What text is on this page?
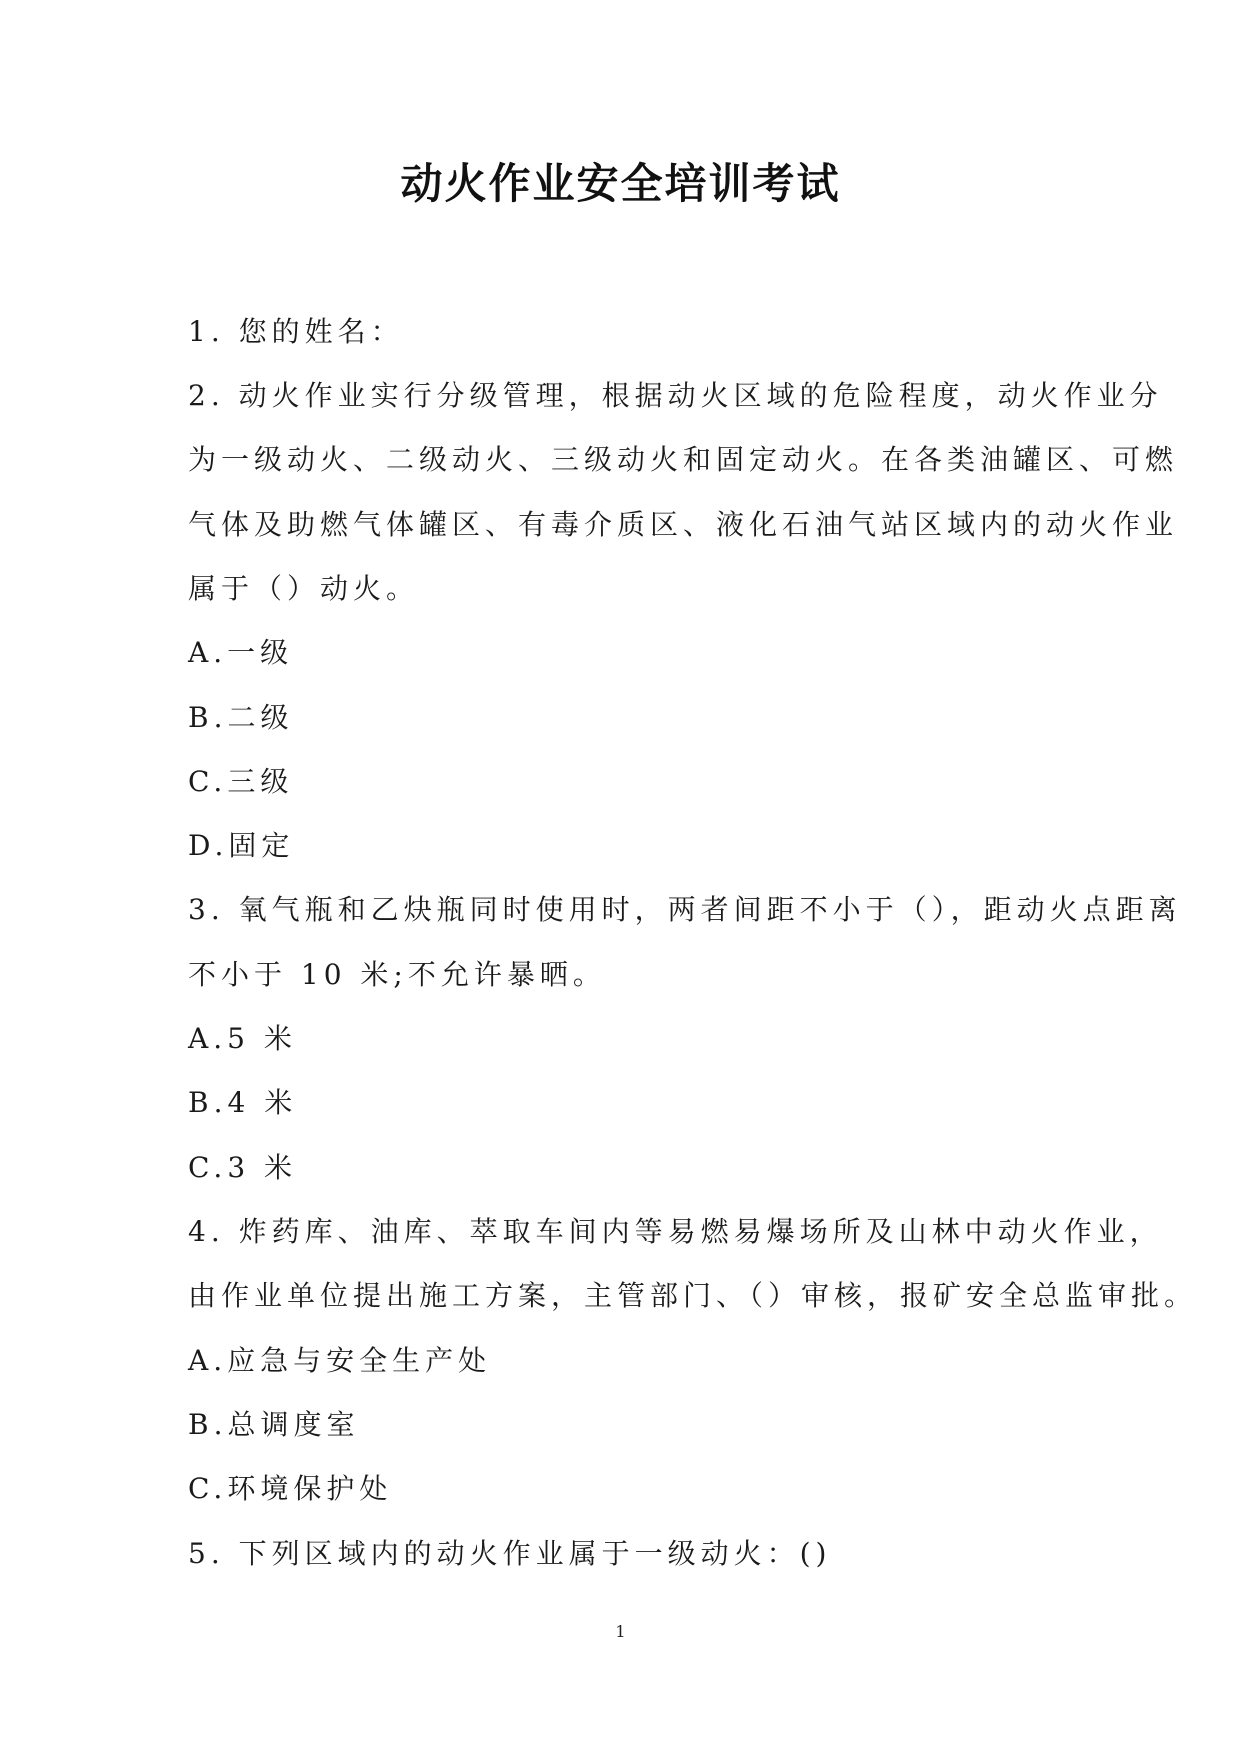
动火作业安全培训考试
1. 您的姓名：
2. 动火作业实行分级管理，根据动火区域的危险程度，动火作业分
为一级动火、二级动火、三级动火和固定动火。在各类油罐区、可燃
气体及助燃气体罐区、有毒介质区、液化石油气站区域内的动火作业
属于（）动火。
A.一级
B.二级
C.三级
D.固定
3. 氧气瓶和乙炔瓶同时使用时，两者间距不小于（），距动火点距离
不小于 10 米;不允许暴晒。
A.5 米
B.4 米
C.3 米
4. 炸药库、油库、萃取车间内等易燃易爆场所及山林中动火作业，
由作业单位提出施工方案，主管部门、（）审核，报矿安全总监审批。
A.应急与安全生产处
B.总调度室
C.环境保护处
5. 下列区域内的动火作业属于一级动火：()
1
